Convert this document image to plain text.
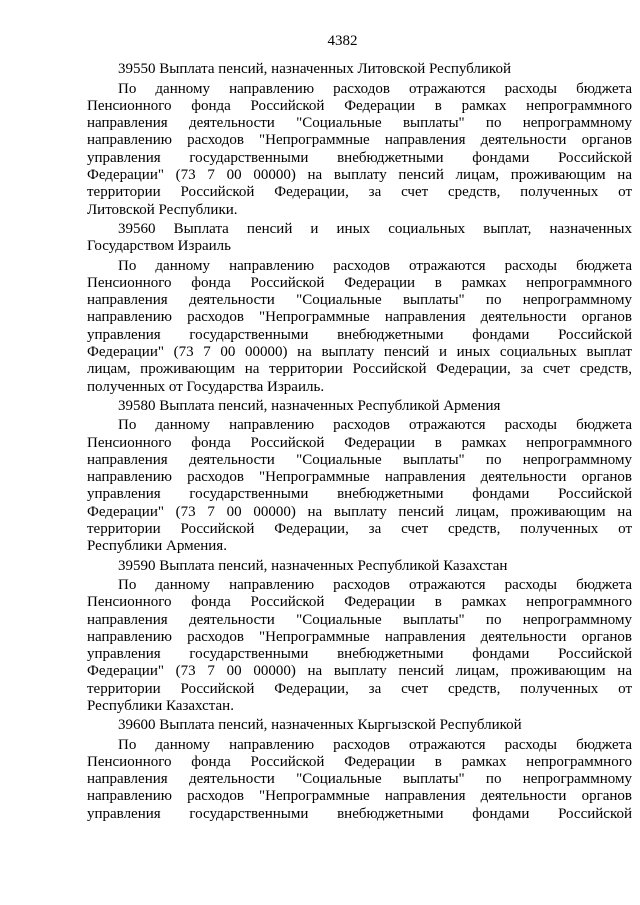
4382
39550 Выплата пенсий, назначенных Литовской Республикой
По данному направлению расходов отражаются расходы бюджета
Пенсионного фонда Российской Федерации в рамках непрограммного
направления деятельности "Социальные выплаты" по непрограммному
направлению расходов "Непрограммные направления деятельности органов
управления государственными внебюджетными фондами Российской
Федерации" (73 7 00 00000) на выплату пенсий лицам, проживающим на
территории Российской Федерации, за счет средств, полученных от
Литовской Республики.
39560 Выплата пенсий и иных социальных выплат, назначенных
Государством Израиль
По данному направлению расходов отражаются расходы бюджета
Пенсионного фонда Российской Федерации в рамках непрограммного
направления деятельности "Социальные выплаты" по непрограммному
направлению расходов "Непрограммные направления деятельности органов
управления государственными внебюджетными фондами Российской
Федерации" (73 7 00 00000) на выплату пенсий и иных социальных выплат
лицам, проживающим на территории Российской Федерации, за счет средств,
полученных от Государства Израиль.
39580 Выплата пенсий, назначенных Республикой Армения
По данному направлению расходов отражаются расходы бюджета
Пенсионного фонда Российской Федерации в рамках непрограммного
направления деятельности "Социальные выплаты" по непрограммному
направлению расходов "Непрограммные направления деятельности органов
управления государственными внебюджетными фондами Российской
Федерации" (73 7 00 00000) на выплату пенсий лицам, проживающим на
территории Российской Федерации, за счет средств, полученных от
Республики Армения.
39590 Выплата пенсий, назначенных Республикой Казахстан
По данному направлению расходов отражаются расходы бюджета
Пенсионного фонда Российской Федерации в рамках непрограммного
направления деятельности "Социальные выплаты" по непрограммному
направлению расходов "Непрограммные направления деятельности органов
управления государственными внебюджетными фондами Российской
Федерации" (73 7 00 00000) на выплату пенсий лицам, проживающим на
территории Российской Федерации, за счет средств, полученных от
Республики Казахстан.
39600 Выплата пенсий, назначенных Кыргызской Республикой
По данному направлению расходов отражаются расходы бюджета
Пенсионного фонда Российской Федерации в рамках непрограммного
направления деятельности "Социальные выплаты" по непрограммному
направлению расходов "Непрограммные направления деятельности органов
управления государственными внебюджетными фондами Российской
